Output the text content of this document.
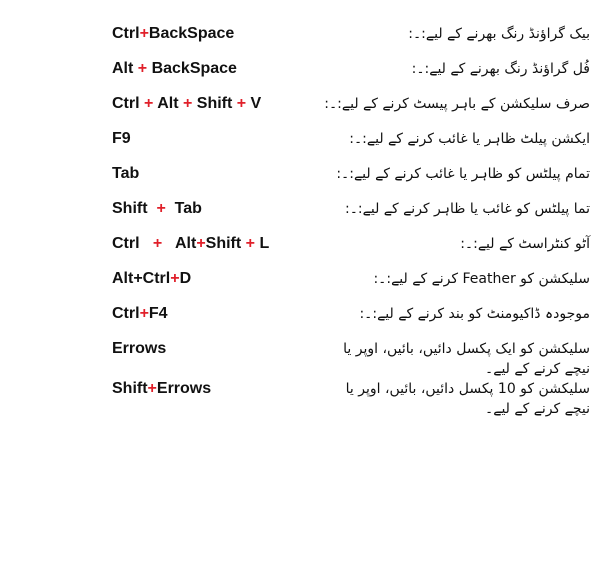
Ctrl+BackSpace	بیک گراؤنڈ رنگ بھرنے کے لیے:۔:
Alt + BackSpace	فُل گراؤنڈ رنگ بھرنے کے لیے:۔:
Ctrl + Alt + Shift + V	صرف سلیکشن کے باہر پیسٹ کرنے کے لیے:۔:
F9	ایکشن پیلٹ ظاہر یا غائب کرنے کے لیے:۔:
Tab	تمام پیلٹس کو ظاہر یا غائب کرنے کے لیے:۔:
Shift  +  Tab	تما پیلٹس کو غائب یا ظاہر کرنے کے لیے:۔:
Ctrl   +   Alt+Shift + L	آٹو کنٹراسٹ کے لیے:۔:
Alt+Ctrl+D	سلیکشن کو Feather کرنے کے لیے:۔:
Ctrl+F4	موجودہ ڈاکیومنٹ کو بند کرنے کے لیے:۔:
Errows	سلیکشن کو ایک پکسل دائیں، بائیں، اوپر یا نیچے کرنے کے لیے۔
Shift+Errows	سلیکشن کو 10 پکسل دائیں، بائیں، اوپر یا نیچے کرنے کے لیے۔
